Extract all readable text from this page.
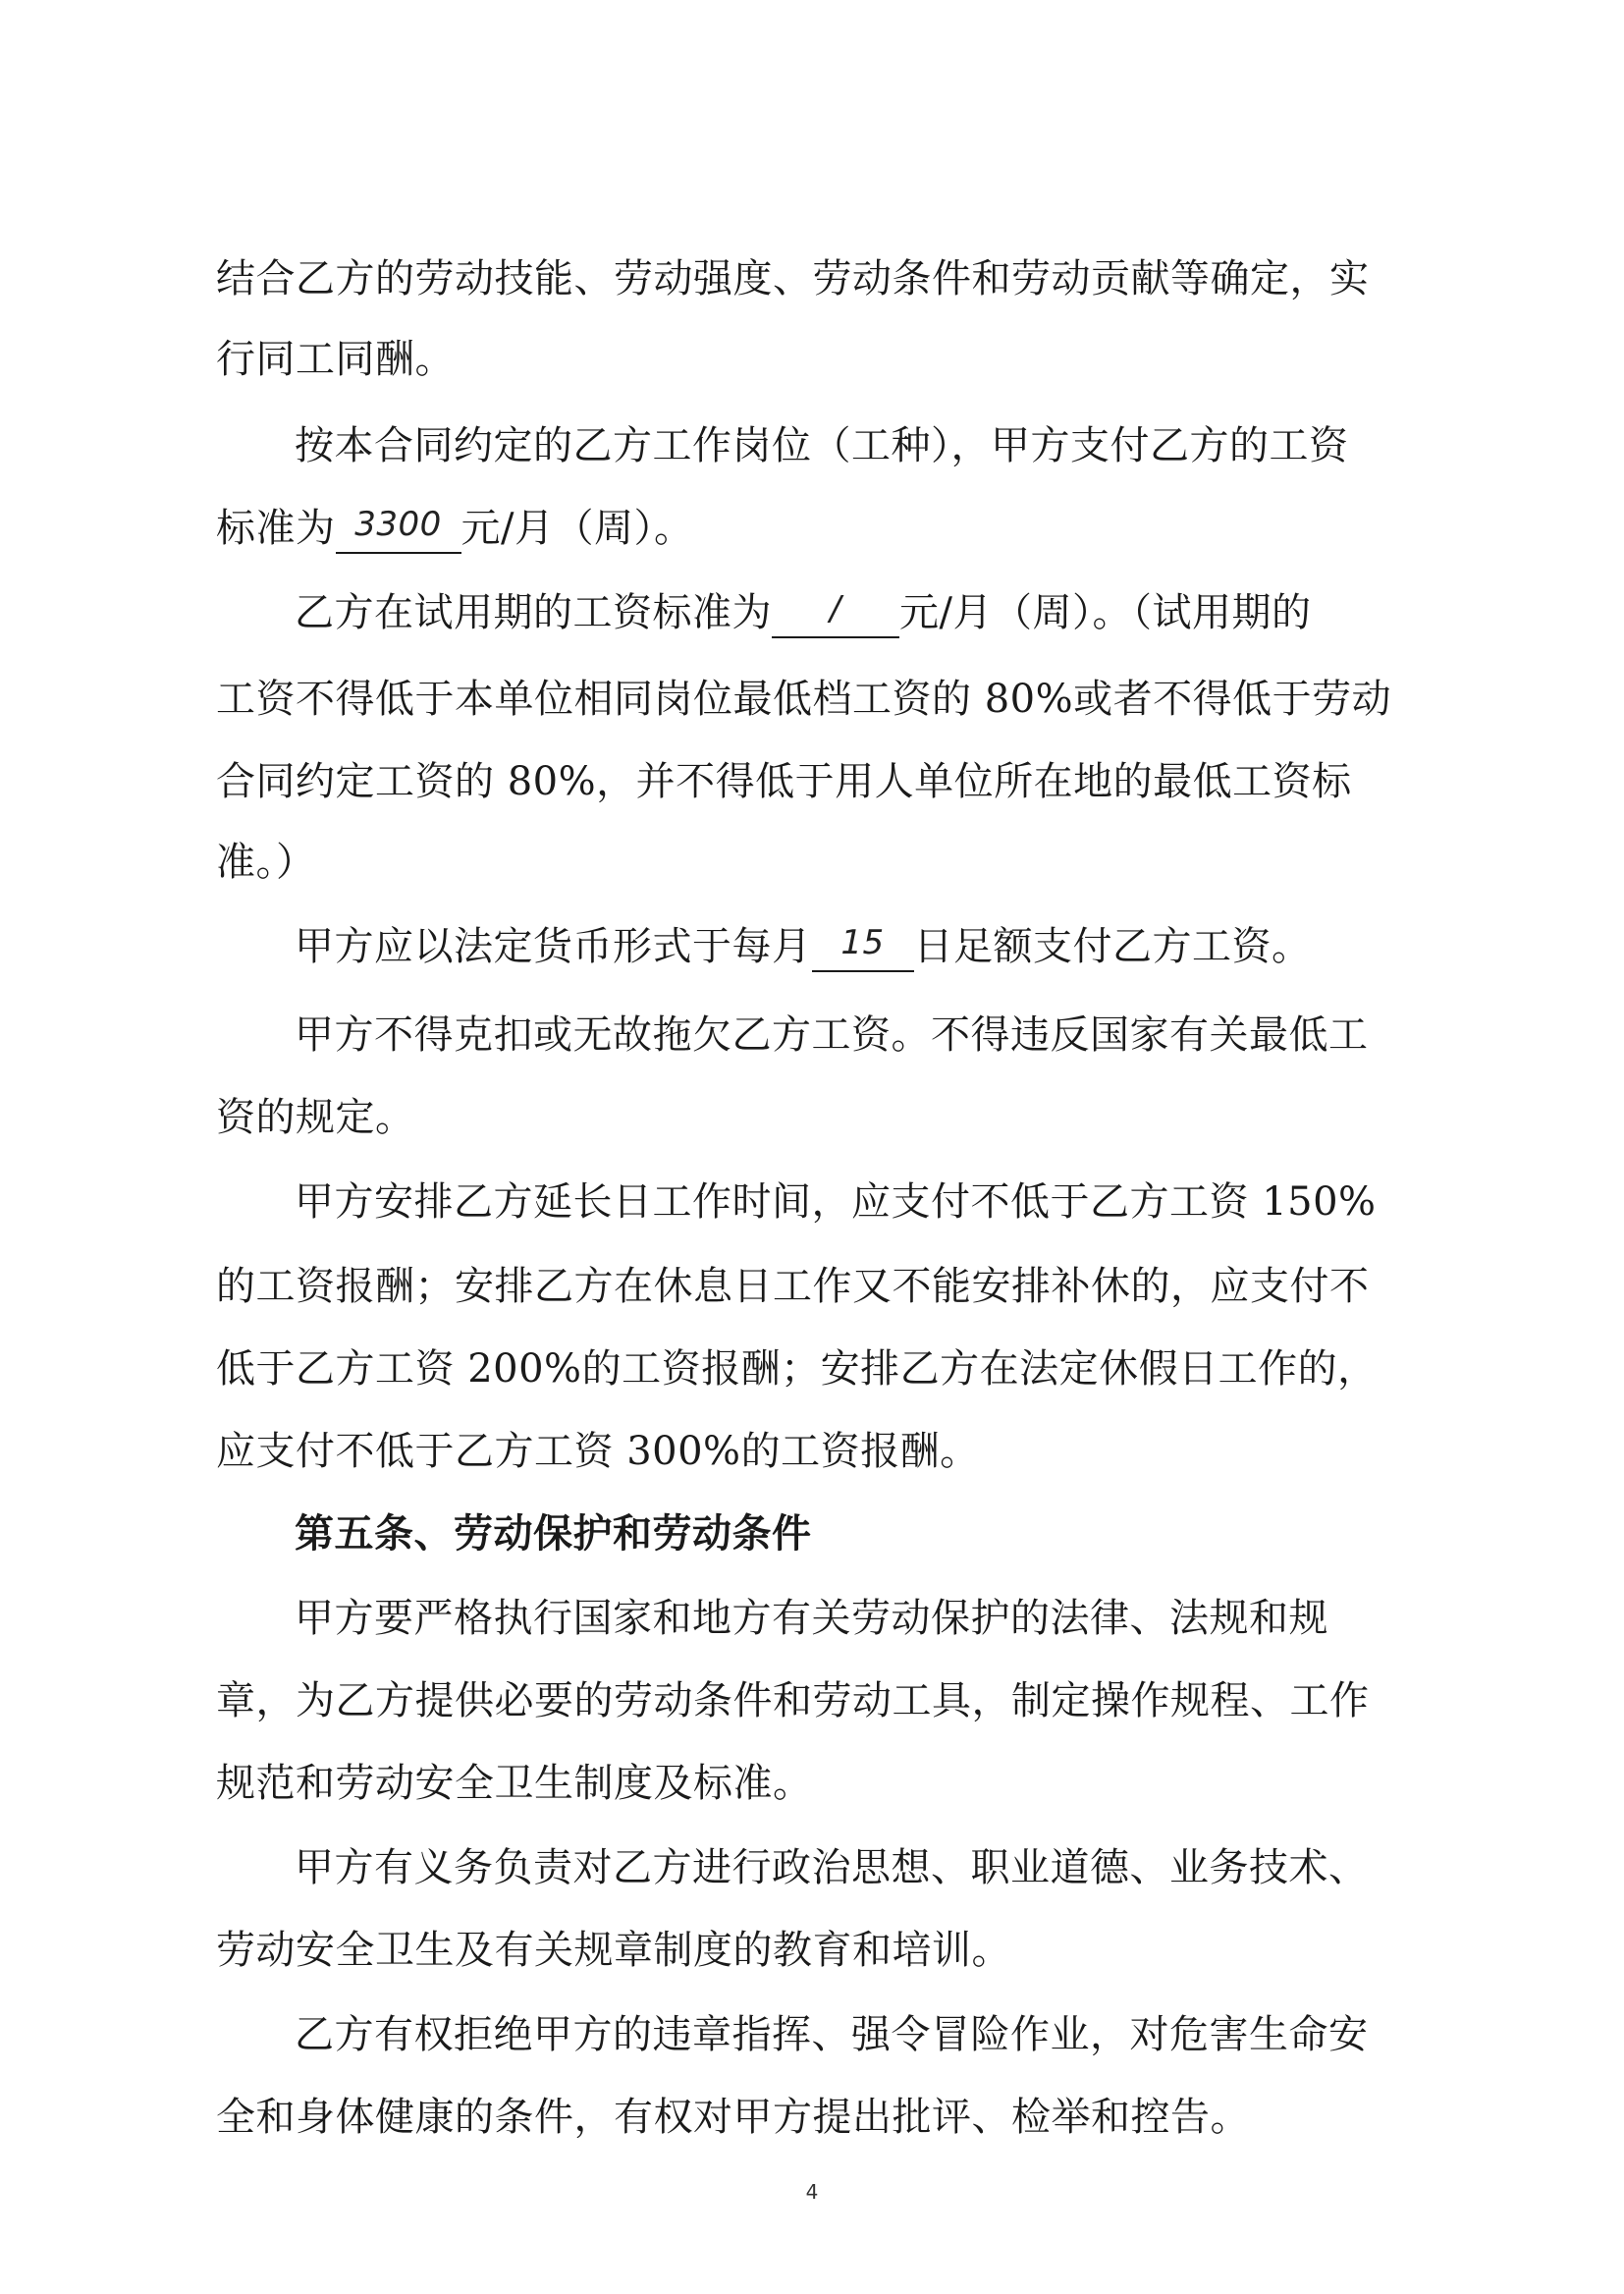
结合乙方的劳动技能、劳动强度、劳动条件和劳动贡献等确定，实
行同工同酬。
按本合同约定的乙方工作岗位（工种），甲方支付乙方的工资
标准为 3300 元/月（周）。
乙方在试用期的工资标准为	/	元/月（周）。（试用期的
工资不得低于本单位相同岗位最低档工资的 80%或者不得低于劳动
合同约定工资的 80%，并不得低于用人单位所在地的最低工资标
准。）
甲方应以法定货币形式于每月 15 日足额支付乙方工资。
甲方不得克扣或无故拖欠乙方工资。不得违反国家有关最低工
资的规定。
甲方安排乙方延长日工作时间，应支付不低于乙方工资 150%
的工资报酬；安排乙方在休息日工作又不能安排补休的，应支付不
低于乙方工资 200%的工资报酬；安排乙方在法定休假日工作的，
应支付不低于乙方工资 300%的工资报酬。
第五条、劳动保护和劳动条件
甲方要严格执行国家和地方有关劳动保护的法律、法规和规
章，为乙方提供必要的劳动条件和劳动工具，制定操作规程、工作
规范和劳动安全卫生制度及标准。
甲方有义务负责对乙方进行政治思想、职业道德、业务技术、
劳动安全卫生及有关规章制度的教育和培训。
乙方有权拒绝甲方的违章指挥、强令冒险作业，对危害生命安
全和身体健康的条件，有权对甲方提出批评、检举和控告。
4
